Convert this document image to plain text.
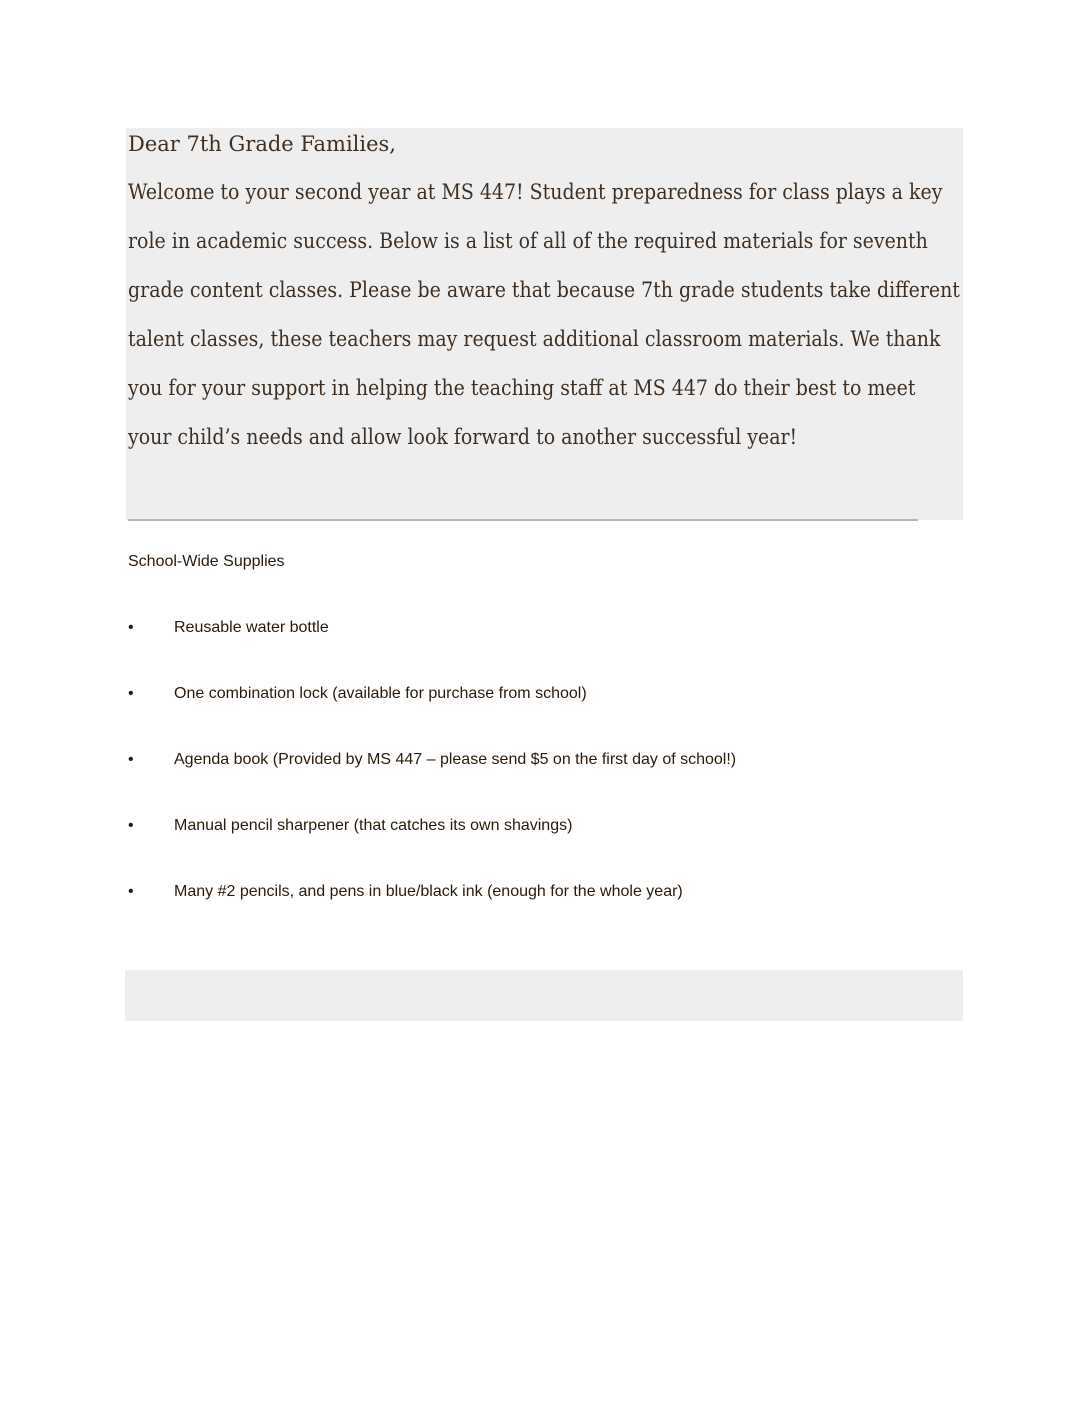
Dear 7th Grade Families,
Welcome to your second year at MS 447! Student preparedness for class plays a key
role in academic success. Below is a list of all of the required materials for seventh
grade content classes. Please be aware that because 7th grade students take different
talent classes, these teachers may request additional classroom materials. We thank
you for your support in helping the teaching staff at MS 447 do their best to meet
your child’s needs and allow look forward to another successful year!
School-Wide Supplies
•	Reusable water bottle
•	One combination lock (available for purchase from school)
•	Agenda book (Provided by MS 447 – please send $5 on the first day of school!)
•	Manual pencil sharpener (that catches its own shavings)
•	Many #2 pencils, and pens in blue/black ink (enough for the whole year)
